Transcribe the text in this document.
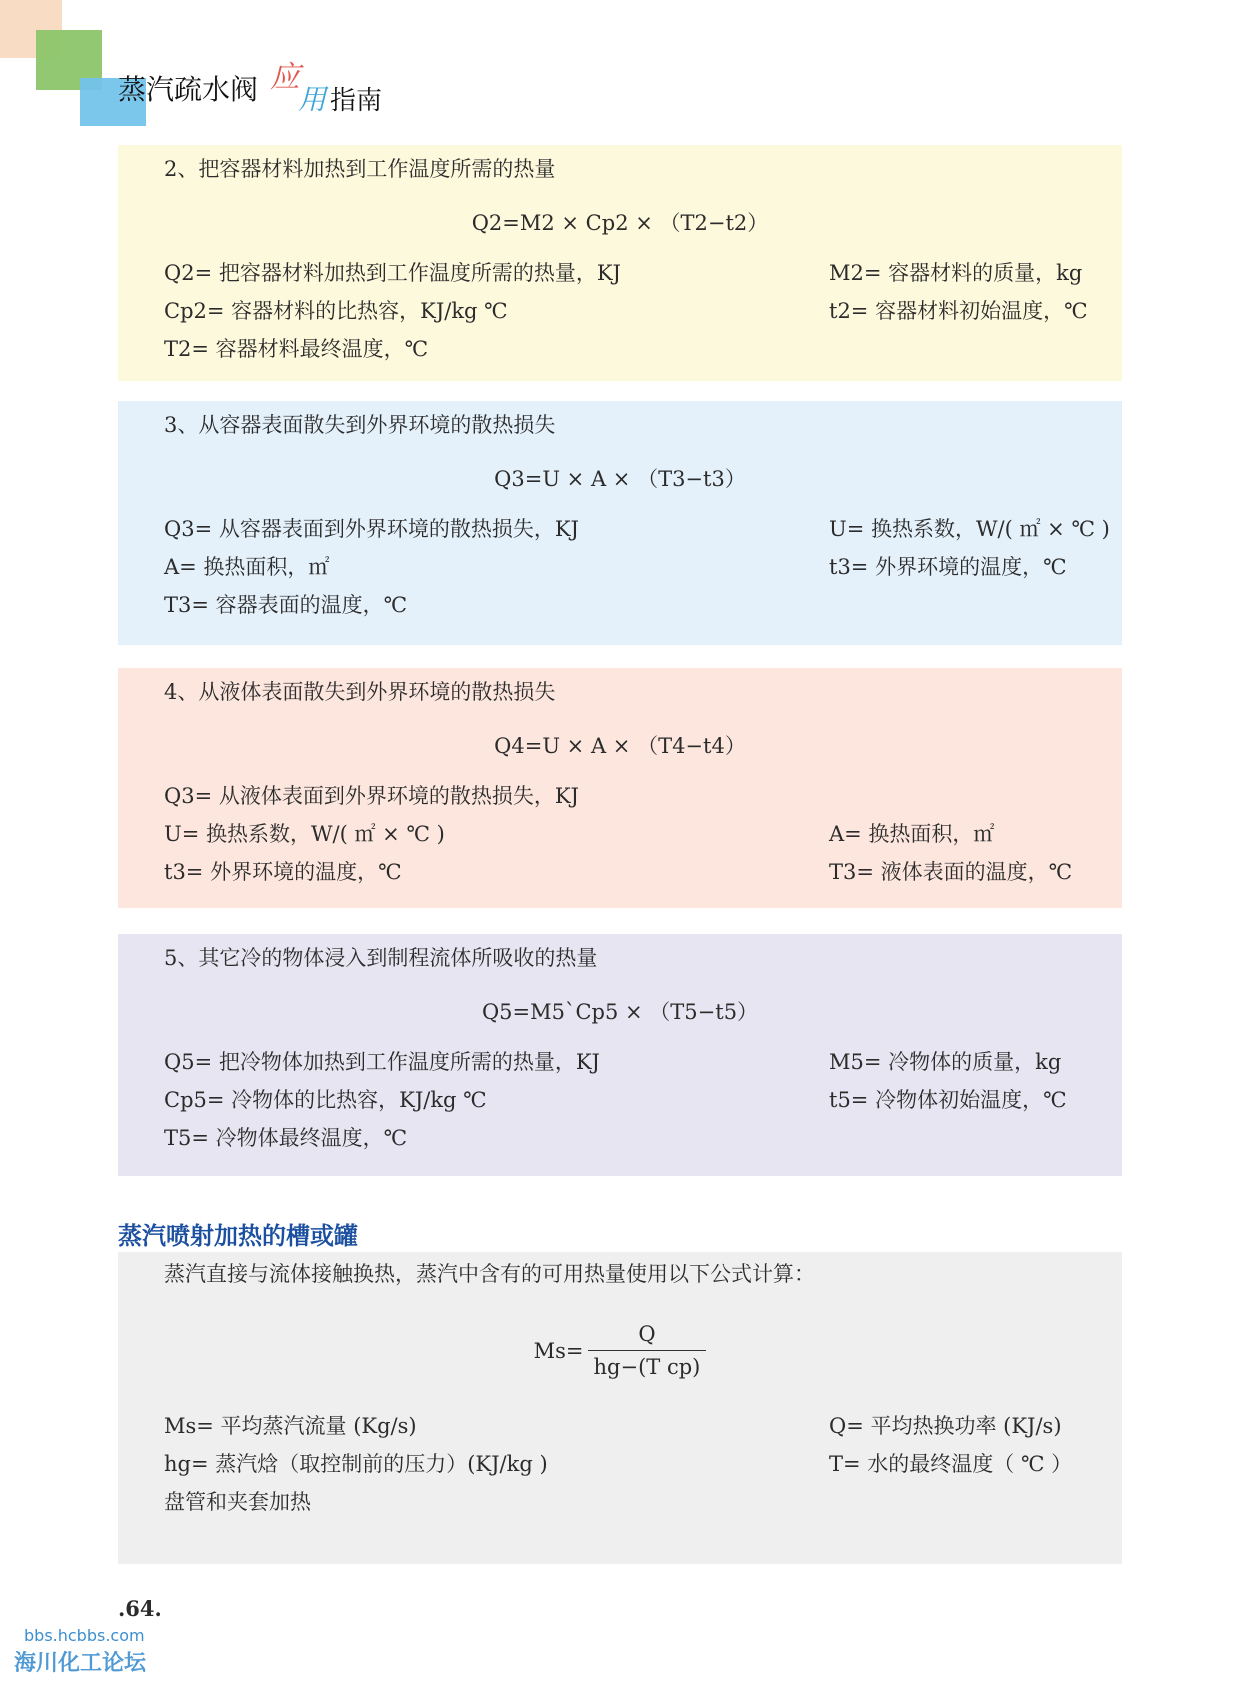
蒸汽疏水阀 应
用 指南
2、把容器材料加热到工作温度所需的热量
Q2=M2 × Cp2 × （T2−t2）
Q2= 把容器材料加热到工作温度所需的热量，KJ	M2= 容器材料的质量，kg
Cp2= 容器材料的比热容，KJ/kg ℃	t2= 容器材料初始温度，℃
T2= 容器材料最终温度，℃
3、从容器表面散失到外界环境的散热损失
Q3=U × A × （T3−t3）
Q3= 从容器表面到外界环境的散热损失，KJ	U= 换热系数，W/( ㎡ × ℃ )
A= 换热面积，㎡	t3= 外界环境的温度，℃
T3= 容器表面的温度，℃
4、从液体表面散失到外界环境的散热损失
Q4=U × A × （T4−t4）
Q3= 从液体表面到外界环境的散热损失，KJ
U= 换热系数，W/( ㎡ × ℃ )	A= 换热面积，㎡
t3= 外界环境的温度，℃	T3= 液体表面的温度，℃
5、其它冷的物体浸入到制程流体所吸收的热量
Q5=M5`Cp5 × （T5−t5）
Q5= 把冷物体加热到工作温度所需的热量，KJ	M5= 冷物体的质量，kg
Cp5= 冷物体的比热容，KJ/kg ℃	t5= 冷物体初始温度，℃
T5= 冷物体最终温度，℃
蒸汽喷射加热的槽或罐
蒸汽直接与流体接触换热，蒸汽中含有的可用热量使用以下公式计算：
$Ms= \frac{Q}{\text{hg−(T cp)}}$
Ms= 平均蒸汽流量 (Kg/s)	Q= 平均热换功率 (KJ/s)
hg= 蒸汽焓（取控制前的压力）(KJ/kg )	T= 水的最终温度（ ℃ ）
盘管和夹套加热
.64.
bbs.hcbbs.com
海川化工论坛
